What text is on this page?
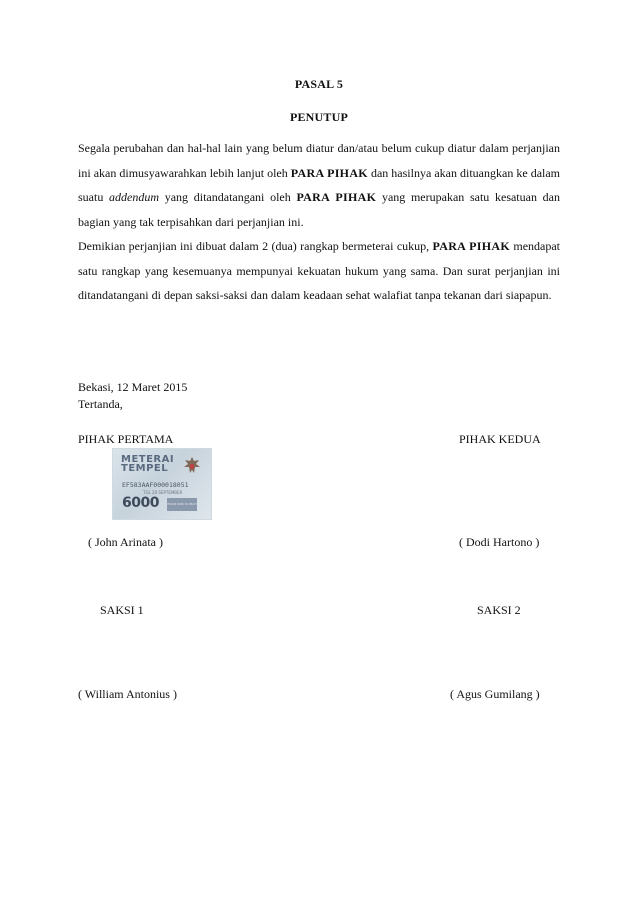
PASAL 5
PENUTUP

Segala perubahan dan hal-hal lain yang belum diatur dan/atau belum cukup diatur dalam perjanjian ini akan dimusyawarahkan lebih lanjut oleh PARA PIHAK dan hasilnya akan dituangkan ke dalam suatu addendum yang ditandatangani oleh PARA PIHAK yang merupakan satu kesatuan dan bagian yang tak terpisahkan dari perjanjian ini.

Demikian perjanjian ini dibuat dalam 2 (dua) rangkap bermeterai cukup, PARA PIHAK mendapat satu rangkap yang kesemuanya mempunyai kekuatan hukum yang sama. Dan surat perjanjian ini ditandatangani di depan saksi-saksi dan dalam keadaan sehat walafiat tanpa tekanan dari siapapun.

Bekasi, 12 Maret 2015
Tertanda,
PIHAK PERTAMA	PIHAK KEDUA
METERAI TEMPEL
EF583AAF000018051
TGL 20 SEPTEMBER
6000	ENAM RIBU RUPIAH
( John Arinata )	( Dodi Hartono )
SAKSI 1	SAKSI 2
( William Antonius )	( Agus Gumilang )
